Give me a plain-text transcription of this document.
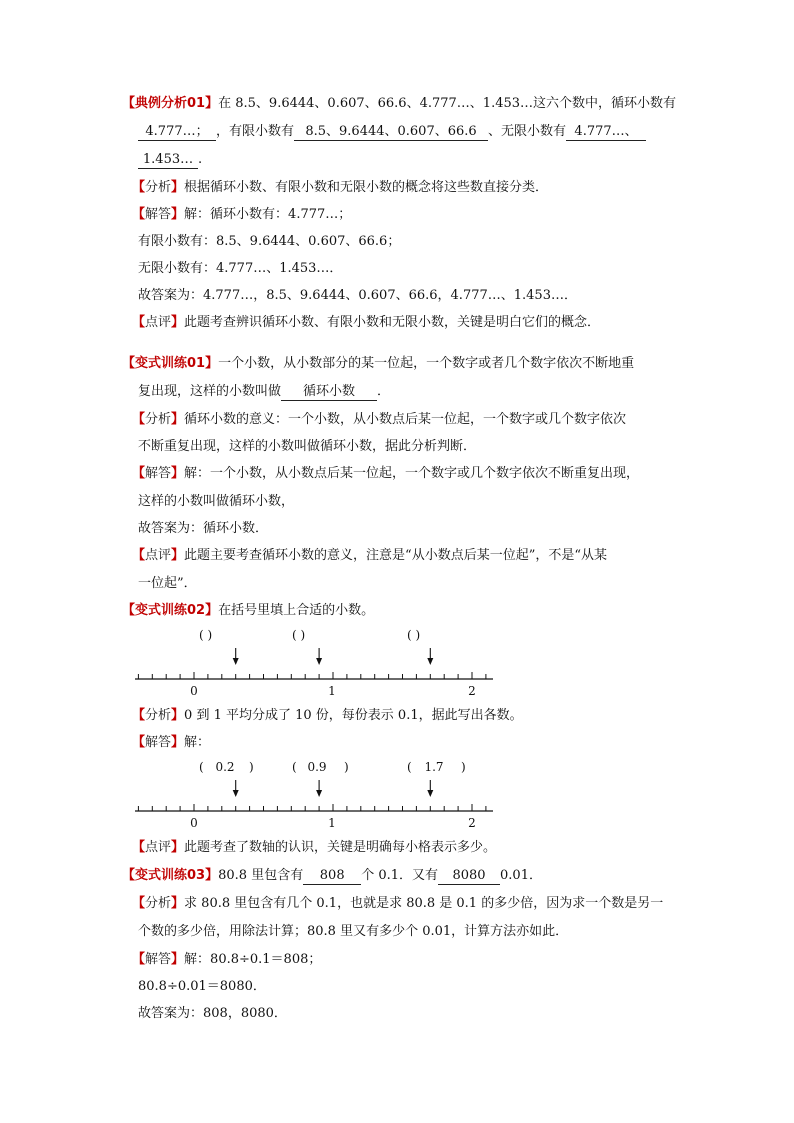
【典例分析01】在 8.5、9.6444、0.607、66.6、4.777…、1.453…这六个数中，循环小数有
4.777…； ，有限小数有 8.5、9.6444、0.607、66.6 、无限小数有 4.777…、
1.453… .
【分析】根据循环小数、有限小数和无限小数的概念将这些数直接分类．
【解答】解：循环小数有：4.777…；
有限小数有：8.5、9.6444、0.607、66.6；
无限小数有：4.777…、1.453…．
故答案为：4.777…，8.5、9.6444、0.607、66.6，4.777…、1.453…．
【点评】此题考查辨识循环小数、有限小数和无限小数，关键是明白它们的概念．
【变式训练01】一个小数，从小数部分的某一位起，一个数字或者几个数字依次不断地重
复出现，这样的小数叫做 循环小数 ．
【分析】循环小数的意义：一个小数，从小数点后某一位起，一个数字或几个数字依次
不断重复出现，这样的小数叫做循环小数，据此分析判断．
【解答】解：一个小数，从小数点后某一位起，一个数字或几个数字依次不断重复出现，
这样的小数叫做循环小数，
故答案为：循环小数．
【点评】此题主要考查循环小数的意义，注意是“从小数点后某一位起”，不是“从某
一位起”．
【变式训练02】在括号里填上合适的小数。
( )	( )	( )
0	1	2
【分析】0 到 1 平均分成了 10 份，每份表示 0.1，据此写出各数。
【解答】解：
( 0.2 )	( 0.9 )	( 1.7 )
0	1	2
【点评】此题考查了数轴的认识，关键是明确每小格表示多少。
【变式训练03】80.8 里包含有 808 个 0.1．又有 8080 0.01．
【分析】求 80.8 里包含有几个 0.1，也就是求 80.8 是 0.1 的多少倍，因为求一个数是另一
个数的多少倍，用除法计算；80.8 里又有多少个 0.01，计算方法亦如此．
【解答】解：80.8÷0.1＝808；
80.8÷0.01＝8080．
故答案为：808，8080．
